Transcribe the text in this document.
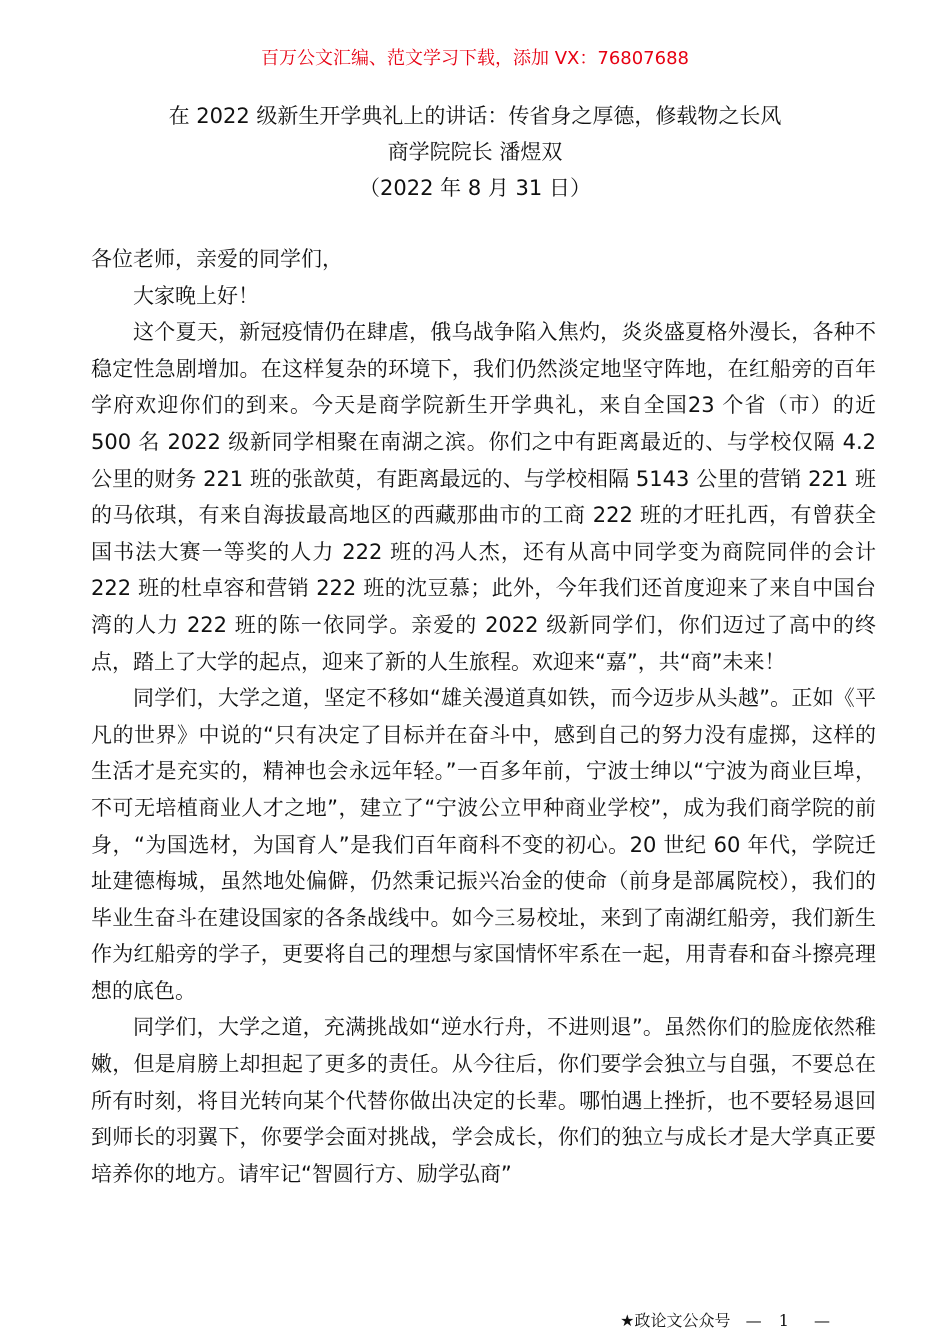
百万公文汇编、范文学习下载，添加 VX：76807688
在 2022 级新生开学典礼上的讲话：传省身之厚德，修载物之长风
商学院院长 潘煜双
（2022 年 8 月 31 日）

各位老师，亲爱的同学们，

大家晚上好！

这个夏天，新冠疫情仍在肆虐，俄乌战争陷入焦灼，炎炎盛夏格外漫长，各种不稳定性急剧增加。在这样复杂的环境下，我们仍然淡定地坚守阵地，在红船旁的百年学府欢迎你们的到来。今天是商学院新生开学典礼，来自全国23 个省（市）的近 500 名 2022 级新同学相聚在南湖之滨。你们之中有距离最近的、与学校仅隔 4.2 公里的财务 221 班的张歆萸，有距离最远的、与学校相隔 5143 公里的营销 221 班的马依琪，有来自海拔最高地区的西藏那曲市的工商 222 班的才旺扎西，有曾获全国书法大赛一等奖的人力 222 班的冯人杰，还有从高中同学变为商院同伴的会计 222 班的杜卓容和营销 222 班的沈豆慕；此外，今年我们还首度迎来了来自中国台湾的人力 222 班的陈一依同学。亲爱的 2022 级新同学们，你们迈过了高中的终点，踏上了大学的起点，迎来了新的人生旅程。欢迎来“嘉”，共“商”未来！

同学们，大学之道，坚定不移如“雄关漫道真如铁，而今迈步从头越”。正如《平凡的世界》中说的“只有决定了目标并在奋斗中，感到自己的努力没有虚掷，这样的生活才是充实的，精神也会永远年轻。”一百多年前，宁波士绅以“宁波为商业巨埠，不可无培植商业人才之地”，建立了“宁波公立甲种商业学校”，成为我们商学院的前身，“为国选材，为国育人”是我们百年商科不变的初心。20 世纪 60 年代，学院迁址建德梅城，虽然地处偏僻，仍然秉记振兴冶金的使命（前身是部属院校），我们的毕业生奋斗在建设国家的各条战线中。如今三易校址，来到了南湖红船旁，我们新生作为红船旁的学子，更要将自己的理想与家国情怀牢系在一起，用青春和奋斗擦亮理想的底色。

同学们，大学之道，充满挑战如“逆水行舟，不进则退”。虽然你们的脸庞依然稚嫩，但是肩膀上却担起了更多的责任。从今往后，你们要学会独立与自强，不要总在所有时刻，将目光转向某个代替你做出决定的长辈。哪怕遇上挫折，也不要轻易退回到师长的羽翼下，你要学会面对挑战，学会成长，你们的独立与成长才是大学真正要培养你的地方。请牢记“智圆行方、励学弘商”

★政论文公众号 — 1 —
